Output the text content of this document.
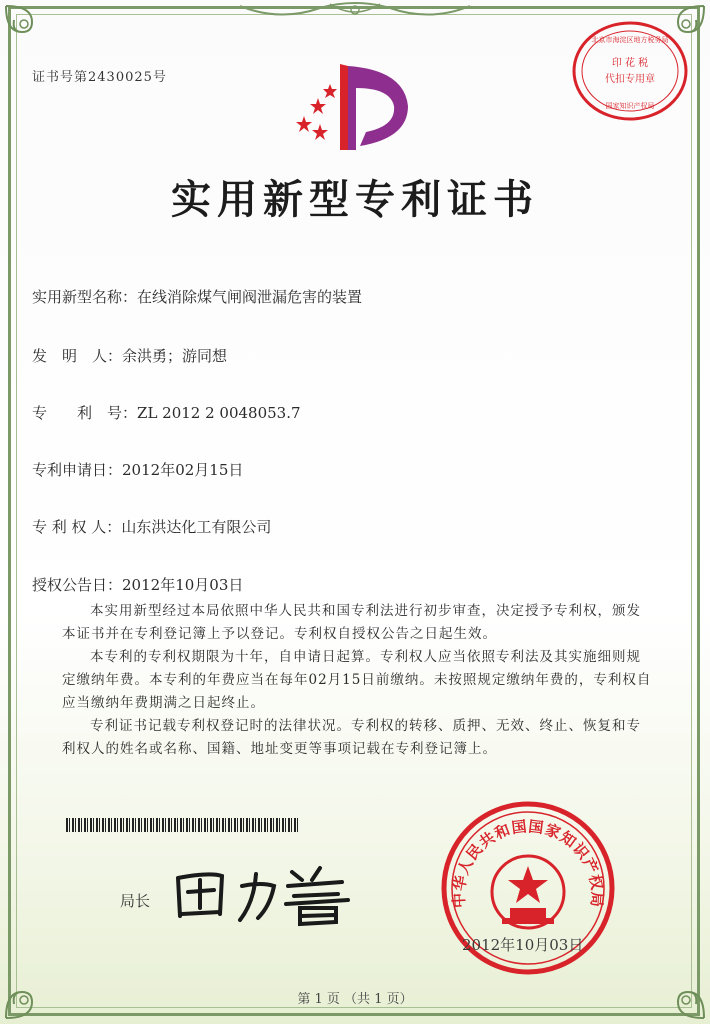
证书号第2430025号
印 花 税
代扣专用章
北京市海淀区地方税务局
国家知识产权局
实用新型专利证书
实用新型名称：在线消除煤气闸阀泄漏危害的装置
发　明　人：余洪勇；游同想
专　　利　号：ZL 2012 2 0048053.7
专利申请日：2012年02月15日
专 利 权 人：山东洪达化工有限公司
授权公告日：2012年10月03日

本实用新型经过本局依照中华人民共和国专利法进行初步审查，决定授予专利权，颁发本证书并在专利登记簿上予以登记。专利权自授权公告之日起生效。

本专利的专利权期限为十年，自申请日起算。专利权人应当依照专利法及其实施细则规定缴纳年费。本专利的年费应当在每年02月15日前缴纳。未按照规定缴纳年费的，专利权自应当缴纳年费期满之日起终止。

专利证书记载专利权登记时的法律状况。专利权的转移、质押、无效、终止、恢复和专利权人的姓名或名称、国籍、地址变更等事项记载在专利登记簿上。

局长	中华人民共和国国家知识产权局
2012年10月03日
第 1 页 （共 1 页）
